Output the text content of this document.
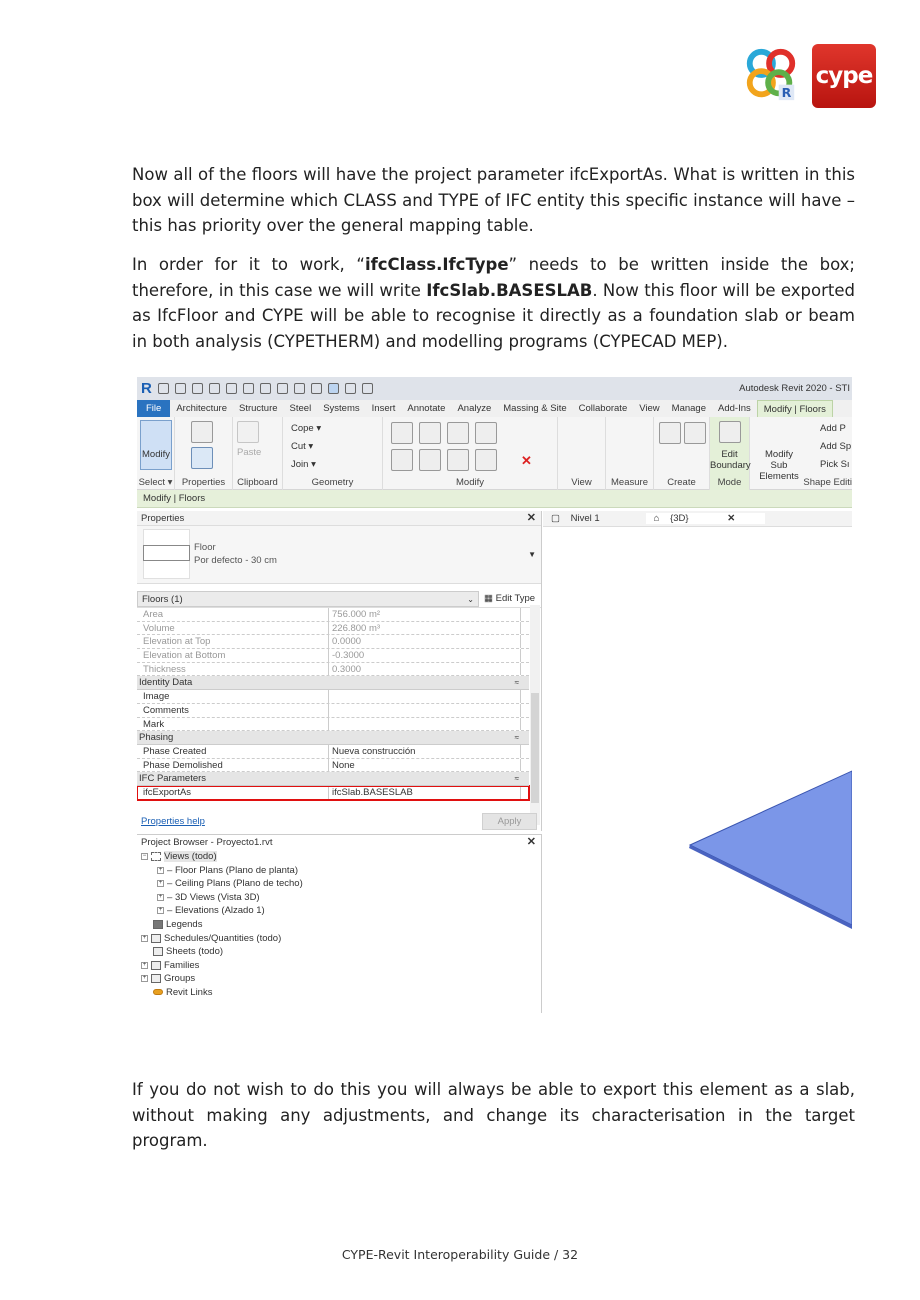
R
cype

Now all of the floors will have the project parameter ifcExportAs. What is written in this box will determine which CLASS and TYPE of IFC entity this specific instance will have – this has priority over the general mapping table.

In order for it to work, “ifcClass.IfcType” needs to be written inside the box; therefore, in this case we will write IfcSlab.BASESLAB. Now this floor will be exported as IfcFloor and CYPE will be able to recognise it directly as a foundation slab or beam in both analysis (CYPETHERM) and modelling programs (CYPECAD MEP).

R	Autodesk Revit 2020 - STI
File	Architecture	Structure	Steel	Systems	Insert	Annotate	Analyze	Massing & Site	Collaborate	View	Manage	Add-Ins	Modify | Floors
Modify
Select ▾ Properties
Paste
Clipboard
Cope ▾
Cut ▾
Join ▾
Geometry
✕
Modify	View	Measure	Create
Edit
Boundary
Mode
Modify
Sub Elements
Add P
Add Sp
Pick Sı
Shape Editi
Modify | Floors
Properties	✕
Floor
Por defecto - 30 cm
▼
Floors (1)	⌄ ▦ Edit Type
Area	756.000 m²
Volume	226.800 m³
Elevation at Top	0.0000
Elevation at Bottom	-0.3000
Thickness	0.3000
Identity Data	≈
Image
Comments
Mark
Phasing	≈
Phase Created	Nueva construcción
Phase Demolished	None
IFC Parameters	≈
ifcExportAs	ifcSlab.BASESLAB
Properties help	Apply
Project Browser - Proyecto1.rvt	✕
− Views (todo)
+ – Floor Plans (Plano de planta)
+ – Ceiling Plans (Plano de techo)
+ – 3D Views (Vista 3D)
+ – Elevations (Alzado 1)
Legends
+ Schedules/Quantities (todo)
Sheets (todo)
+ Families
+ Groups
Revit Links
▢ Nivel 1	⌂ {3D}	✕

If you do not wish to do this you will always be able to export this element as a slab, without making any adjustments, and change its characterisation in the target program.

CYPE-Revit Interoperability Guide / 32
